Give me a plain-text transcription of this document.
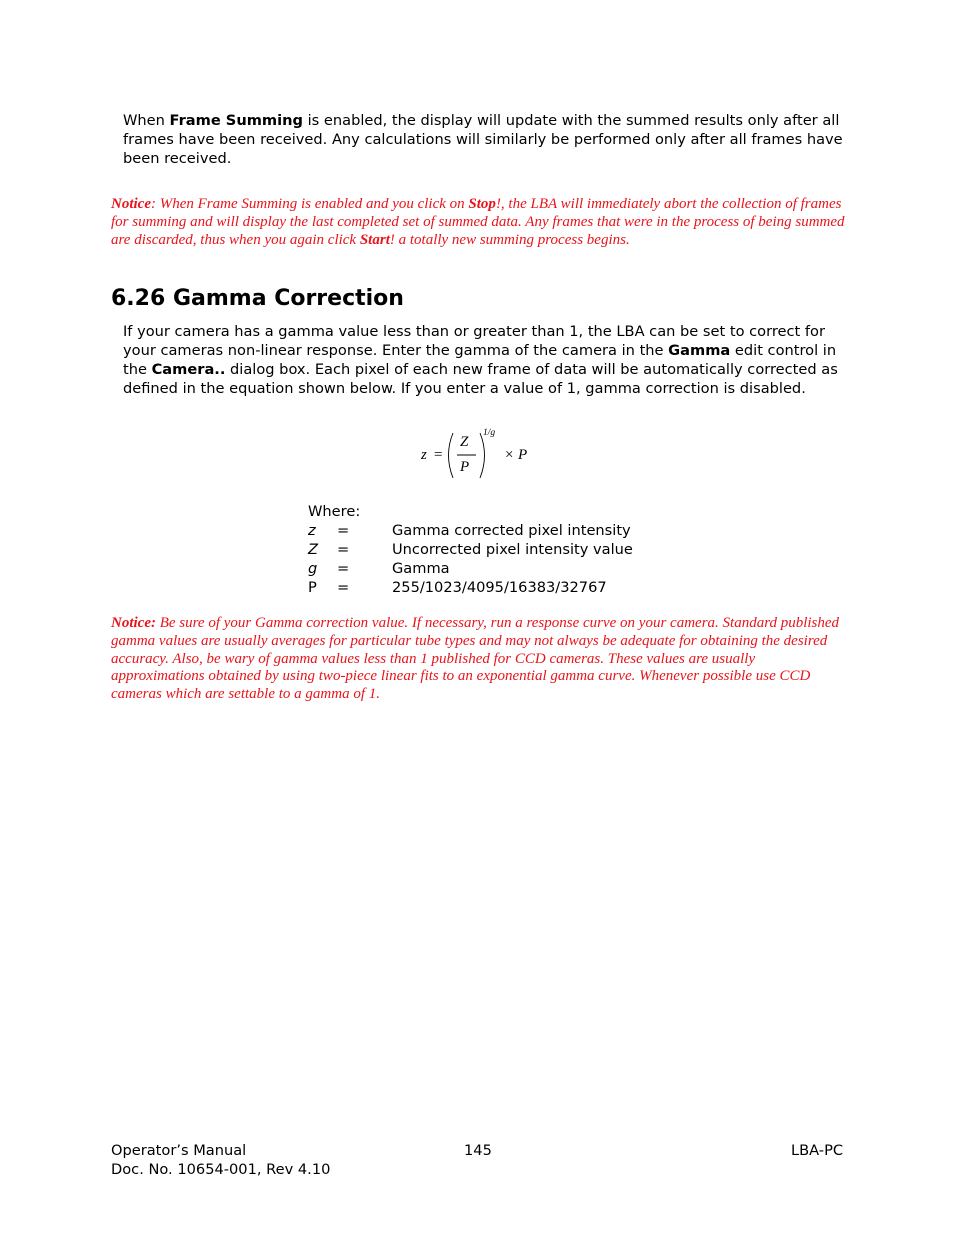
When Frame Summing is enabled, the display will update with the summed results only after all frames have been received. Any calculations will similarly be performed only after all frames have been received.

Notice: When Frame Summing is enabled and you click on Stop!, the LBA will immediately abort the collection of frames for summing and will display the last completed set of summed data. Any frames that were in the process of being summed are discarded, thus when you again click Start! a totally new summing process begins.

6.26 Gamma Correction

If your camera has a gamma value less than or greater than 1, the LBA can be set to correct for your cameras non-linear response. Enter the gamma of the camera in the Gamma edit control in the Camera.. dialog box. Each pixel of each new frame of data will be automatically corrected as defined in the equation shown below. If you enter a value of 1, gamma correction is disabled.

z =
Z
P
1/g
× P
Where:
z =	Gamma corrected pixel intensity
Z =	Uncorrected pixel intensity value
g =	Gamma
P =	255/1023/4095/16383/32767

Notice: Be sure of your Gamma correction value. If necessary, run a response curve on your camera. Standard published gamma values are usually averages for particular tube types and may not always be adequate for obtaining the desired accuracy. Also, be wary of gamma values less than 1 published for CCD cameras. These values are usually approximations obtained by using two-piece linear fits to an exponential gamma curve. Whenever possible use CCD cameras which are settable to a gamma of 1.

Operator’s Manual
Doc. No. 10654-001, Rev 4.10
145	LBA-PC
